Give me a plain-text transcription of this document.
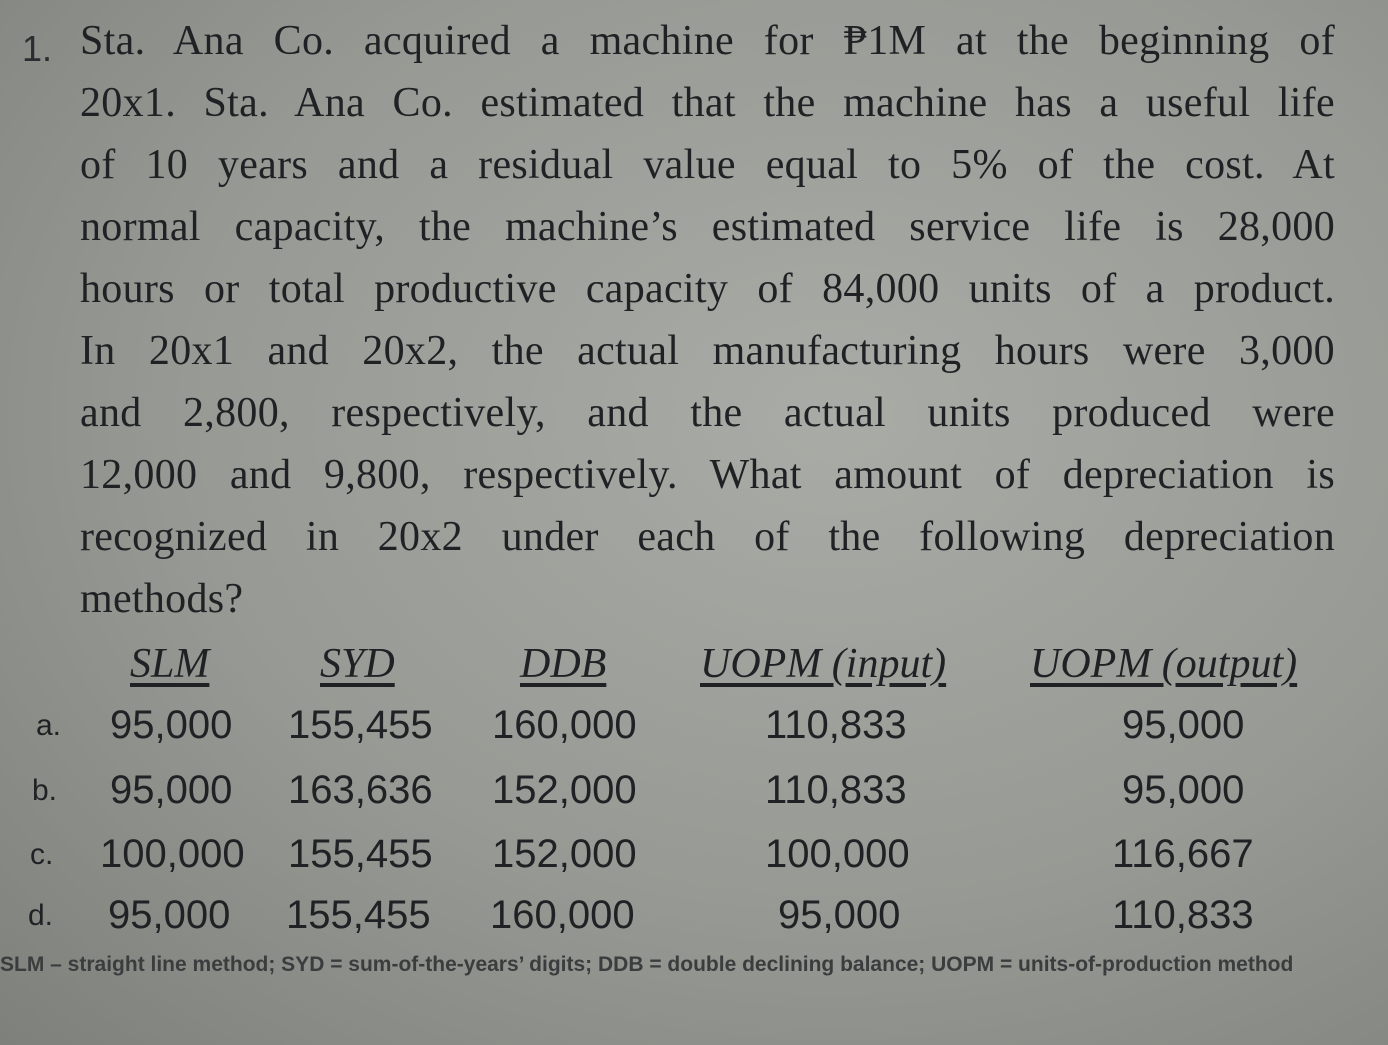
1. Sta. Ana Co. acquired a machine for ₱1M at the beginning of
20x1. Sta. Ana Co. estimated that the machine has a useful life
of 10 years and a residual value equal to 5% of the cost. At
normal capacity, the machine’s estimated service life is 28,000
hours or total productive capacity of 84,000 units of a product.
In 20x1 and 20x2, the actual manufacturing hours were 3,000
and 2,800, respectively, and the actual units produced were
12,000 and 9,800, respectively. What amount of depreciation is
recognized in 20x2 under each of the following depreciation
methods?
SLM	SYD	DDB UOPM (input) UOPM (output)
a. 95,000 155,455 160,000	110,833	95,000
b. 95,000 163,636 152,000	110,833	95,000
c. 100,000 155,455 152,000	100,000	116,667
d. 95,000 155,455 160,000	95,000	110,833
SLM – straight line method; SYD = sum-of-the-years’ digits; DDB = double declining balance; UOPM = units-of-production method
